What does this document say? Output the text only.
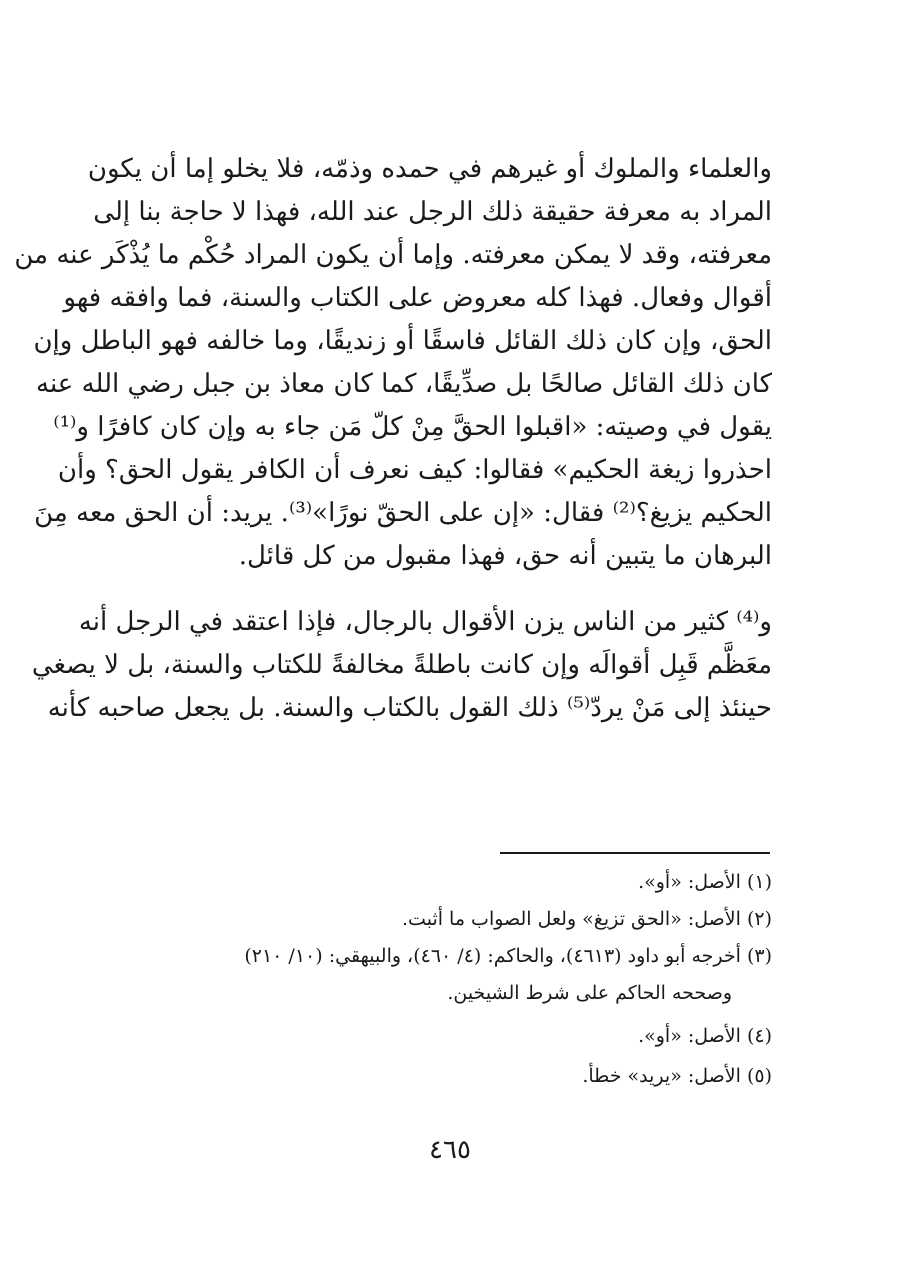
والعلماء والملوك أو غيرهم في حمده وذمّه، فلا يخلو إما أن يكون
المراد به معرفة حقيقة ذلك الرجل عند الله، فهذا لا حاجة بنا إلى
معرفته، وقد لا يمكن معرفته. وإما أن يكون المراد حُكْم ما يُذْكَر عنه من
أقوال وفعال. فهذا كله معروض على الكتاب والسنة، فما وافقه فهو
الحق، وإن كان ذلك القائل فاسقًا أو زنديقًا، وما خالفه فهو الباطل وإن
كان ذلك القائل صالحًا بل صدِّيقًا، كما كان معاذ بن جبل رضي الله عنه
يقول في وصيته: «اقبلوا الحقَّ مِنْ كلّ مَن جاء به وإن كان كافرًا و⁽¹⁾
احذروا زيغة الحكيم» فقالوا: كيف نعرف أن الكافر يقول الحق؟ وأن
الحكيم يزيغ؟⁽²⁾ فقال: «إن على الحقّ نورًا»⁽³⁾. يريد: أن الحق معه مِنَ
البرهان ما يتبين أنه حق، فهذا مقبول من كل قائل.
و⁽⁴⁾ كثير من الناس يزن الأقوال بالرجال، فإذا اعتقد في الرجل أنه
معَظَّم قَبِل أقوالَه وإن كانت باطلةً مخالفةً للكتاب والسنة، بل لا يصغي
حينئذ إلى مَنْ يردّ⁽⁵⁾ ذلك القول بالكتاب والسنة. بل يجعل صاحبه كأنه
(١) الأصل: «أو».
(٢) الأصل: «الحق تزيغ» ولعل الصواب ما أثبت.
(٣) أخرجه أبو داود (٤٦١٣)، والحاكم: (٤/ ٤٦٠)، والبيهقي: (١٠/ ٢١٠)
وصححه الحاكم على شرط الشيخين.
(٤) الأصل: «أو».
(٥) الأصل: «يريد» خطأ.
٤٦٥
